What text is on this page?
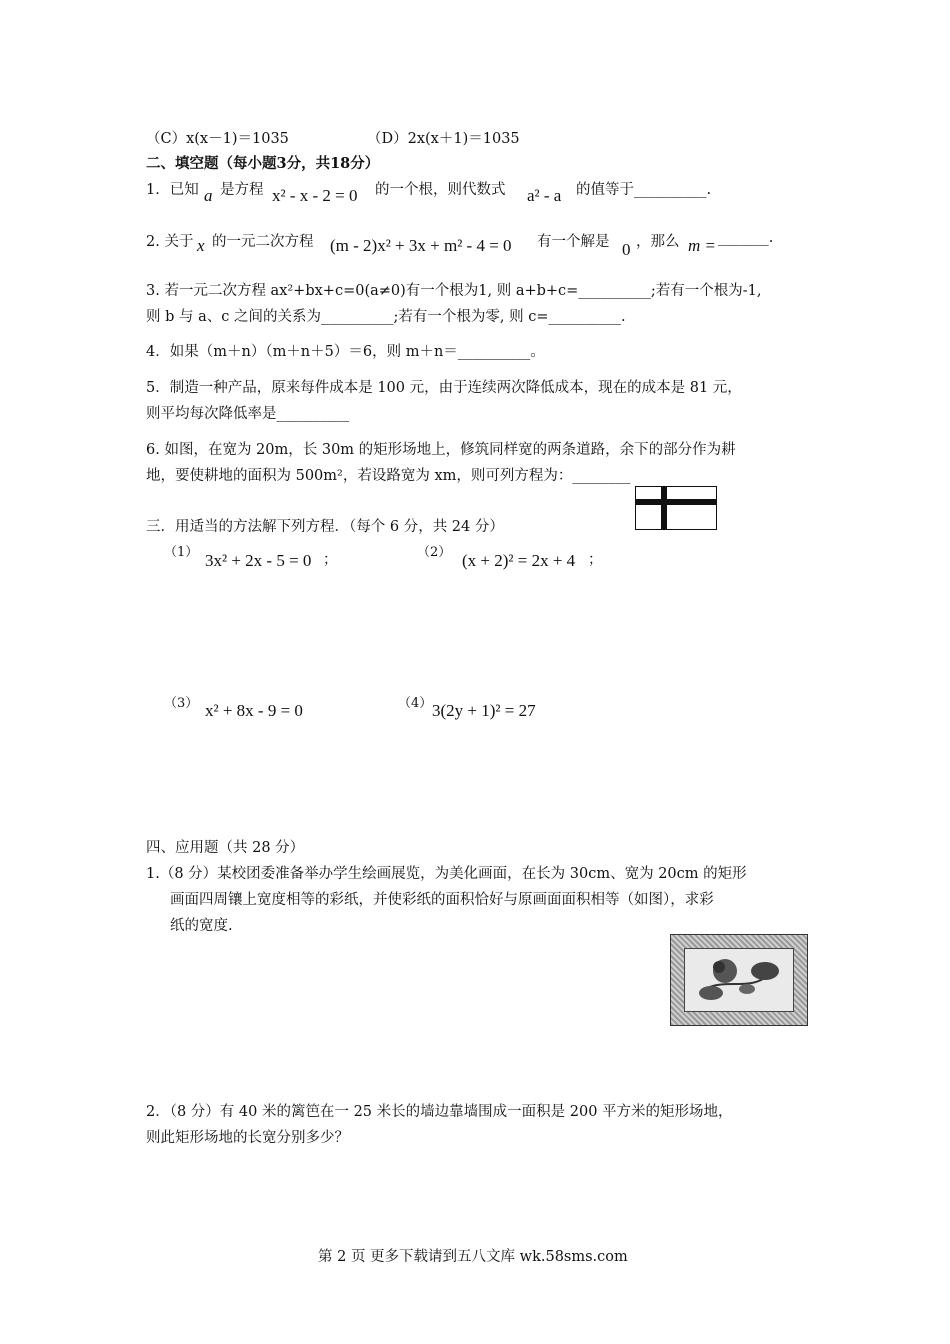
（C）x(x－1)＝1035	（D）2x(x＋1)＝1035
二、填空题（每小题3分，共18分）
1．已知 a 是方程 x² - x - 2 = 0 的一个根，则代数式 a² - a 的值等于__________.
2. 关于 x 的一元二次方程 (m - 2)x² + 3x + m² - 4 = 0 有一个解是 0 ，那么 m = _______.
3. 若一元二次方程 ax²+bx+c=0(a≠0)有一个根为1, 则 a+b+c=__________;若有一个根为-1,
则 b 与 a、c 之间的关系为__________;若有一个根为零, 则 c=__________.
4．如果（m＋n）（m＋n＋5）＝6，则 m＋n＝__________。
5．制造一种产品，原来每件成本是 100 元，由于连续两次降低成本，现在的成本是 81 元，
则平均每次降低率是__________
6. 如图，在宽为 20m，长 30m 的矩形场地上，修筑同样宽的两条道路，余下的部分作为耕
地，要使耕地的面积为 500m²，若设路宽为 xm，则可列方程为：________
三．用适当的方法解下列方程．（每个 6 分，共 24 分）
（1） 3x² + 2x - 5 = 0 ；	（2） (x + 2)² = 2x + 4 ；
（3） x² + 8x - 9 = 0	（4） 3(2y + 1)² = 27
四、应用题（共 28 分）
1.（8 分）某校团委准备举办学生绘画展览，为美化画面，在长为 30cm、宽为 20cm 的矩形
画面四周镶上宽度相等的彩纸，并使彩纸的面积恰好与原画面面积相等（如图），求彩
纸的宽度.
2．（8 分）有 40 米的篱笆在一 25 米长的墙边靠墙围成一面积是 200 平方米的矩形场地，
则此矩形场地的长宽分别多少？
第 2 页 更多下载请到五八文库 wk.58sms.com
